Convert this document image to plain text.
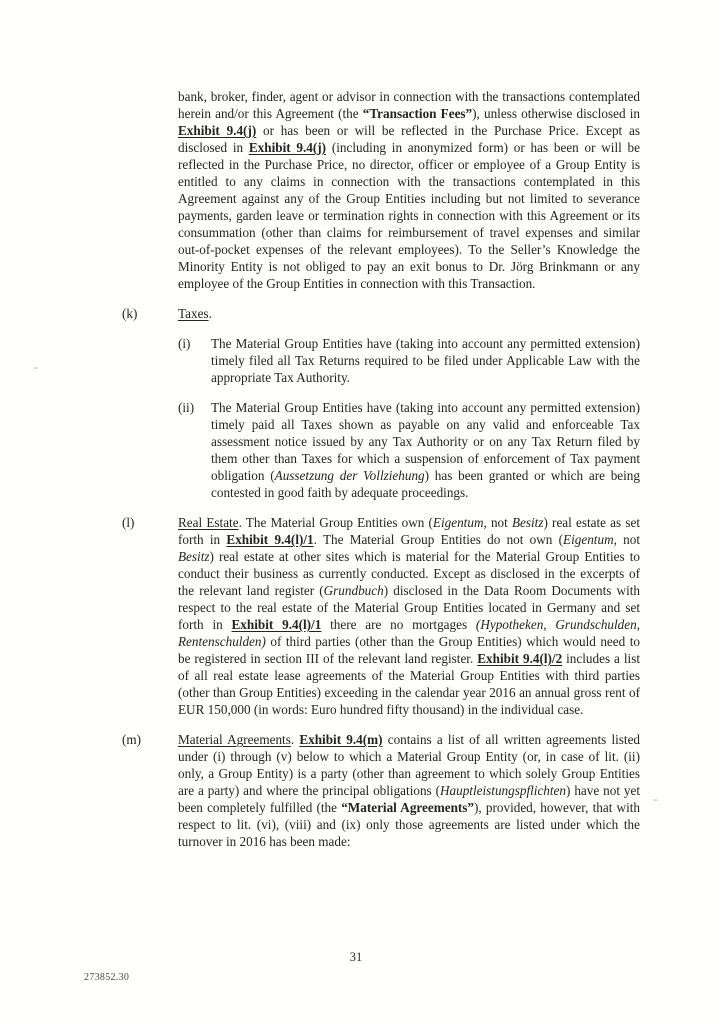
bank, broker, finder, agent or advisor in connection with the transactions contemplated herein and/or this Agreement (the “Transaction Fees”), unless otherwise disclosed in Exhibit 9.4(j) or has been or will be reflected in the Purchase Price. Except as disclosed in Exhibit 9.4(j) (including in anonymized form) or has been or will be reflected in the Purchase Price, no director, officer or employee of a Group Entity is entitled to any claims in connection with the transactions contemplated in this Agreement against any of the Group Entities including but not limited to severance payments, garden leave or termination rights in connection with this Agreement or its consummation (other than claims for reimbursement of travel expenses and similar out-of-pocket expenses of the relevant employees). To the Seller’s Knowledge the Minority Entity is not obliged to pay an exit bonus to Dr. Jörg Brinkmann or any employee of the Group Entities in connection with this Transaction.
(k)	Taxes.
(i)	The Material Group Entities have (taking into account any permitted extension) timely filed all Tax Returns required to be filed under Applicable Law with the appropriate Tax Authority.
(ii)	The Material Group Entities have (taking into account any permitted extension) timely paid all Taxes shown as payable on any valid and enforceable Tax assessment notice issued by any Tax Authority or on any Tax Return filed by them other than Taxes for which a suspension of enforcement of Tax payment obligation (Aussetzung der Vollziehung) has been granted or which are being contested in good faith by adequate proceedings.
(l)	Real Estate. The Material Group Entities own (Eigentum, not Besitz) real estate as set forth in Exhibit 9.4(l)/1. The Material Group Entities do not own (Eigentum, not Besitz) real estate at other sites which is material for the Material Group Entities to conduct their business as currently conducted. Except as disclosed in the excerpts of the relevant land register (Grundbuch) disclosed in the Data Room Documents with respect to the real estate of the Material Group Entities located in Germany and set forth in Exhibit 9.4(l)/1 there are no mortgages (Hypotheken, Grundschulden, Rentenschulden) of third parties (other than the Group Entities) which would need to be registered in section III of the relevant land register. Exhibit 9.4(l)/2 includes a list of all real estate lease agreements of the Material Group Entities with third parties (other than Group Entities) exceeding in the calendar year 2016 an annual gross rent of EUR 150,000 (in words: Euro hundred fifty thousand) in the individual case.
(m)	Material Agreements. Exhibit 9.4(m) contains a list of all written agreements listed under (i) through (v) below to which a Material Group Entity (or, in case of lit. (ii) only, a Group Entity) is a party (other than agreement to which solely Group Entities are a party) and where the principal obligations (Hauptleistungspflichten) have not yet been completely fulfilled (the “Material Agreements”), provided, however, that with respect to lit. (vi), (viii) and (ix) only those agreements are listed under which the turnover in 2016 has been made:
31
273852.30
